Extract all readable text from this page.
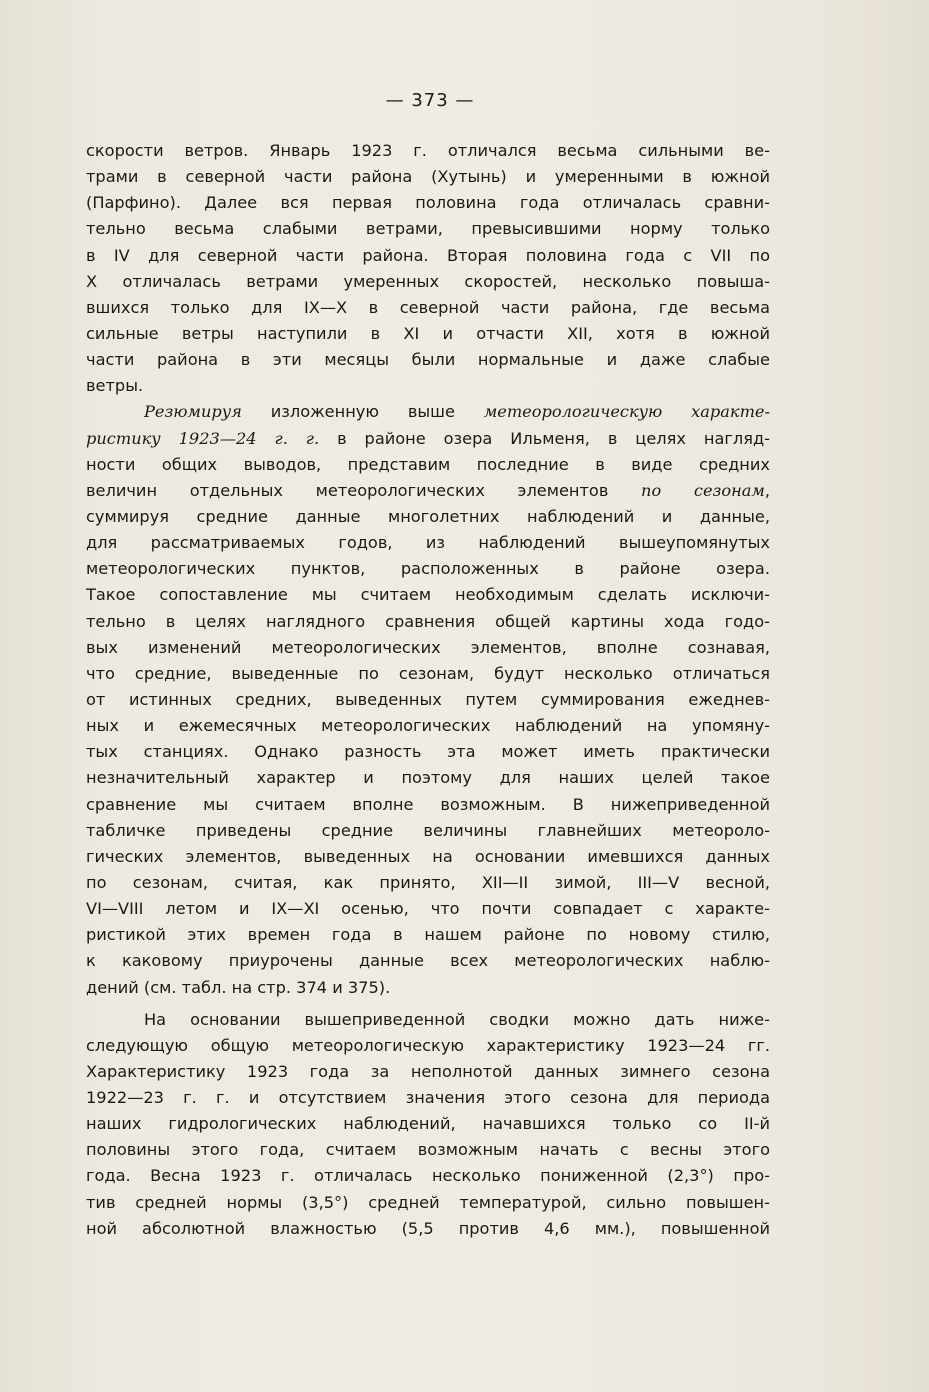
— 373 —
скорости ветров. Январь 1923 г. отличался весьма сильными ве-
трами в северной части района (Хутынь) и умеренными в южной
(Парфино). Далее вся первая половина года отличалась сравни-
тельно весьма слабыми ветрами, превысившими норму только
в IV для северной части района. Вторая половина года с VII по
X отличалась ветрами умеренных скоростей, несколько повыша-
вшихся только для IX—X в северной части района, где весьма
сильные ветры наступили в XI и отчасти XII, хотя в южной
части района в эти месяцы были нормальные и даже слабые
ветры.
Резюмируя изложенную выше метеорологическую характе-
ристику 1923—24 г. г. в районе озера Ильменя, в целях нагляд-
ности общих выводов, представим последние в виде средних
величин отдельных метеорологических элементов по сезонам,
суммируя средние данные многолетних наблюдений и данные,
для рассматриваемых годов, из наблюдений вышеупомянутых
метеорологических пунктов, расположенных в районе озера.
Такое сопоставление мы считаем необходимым сделать исключи-
тельно в целях наглядного сравнения общей картины хода годо-
вых изменений метеорологических элементов, вполне сознавая,
что средние, выведенные по сезонам, будут несколько отличаться
от истинных средних, выведенных путем суммирования ежеднев-
ных и ежемесячных метеорологических наблюдений на упомяну-
тых станциях. Однако разность эта может иметь практически
незначительный характер и поэтому для наших целей такое
сравнение мы считаем вполне возможным. В нижеприведенной
табличке приведены средние величины главнейших метеороло-
гических элементов, выведенных на основании имевшихся данных
по сезонам, считая, как принято, XII—II зимой, III—V весной,
VI—VIII летом и IX—XI осенью, что почти совпадает с характе-
ристикой этих времен года в нашем районе по новому стилю,
к каковому приурочены данные всех метеорологических наблю-
дений (см. табл. на стр. 374 и 375).
На основании вышеприведенной сводки можно дать ниже-
следующую общую метеорологическую характеристику 1923—24 гг.
Характеристику 1923 года за неполнотой данных зимнего сезона
1922—23 г. г. и отсутствием значения этого сезона для периода
наших гидрологических наблюдений, начавшихся только со II-й
половины этого года, считаем возможным начать с весны этого
года. Весна 1923 г. отличалась несколько пониженной (2,3°) про-
тив средней нормы (3,5°) средней температурой, сильно повышен-
ной абсолютной влажностью (5,5 против 4,6 мм.), повышенной
